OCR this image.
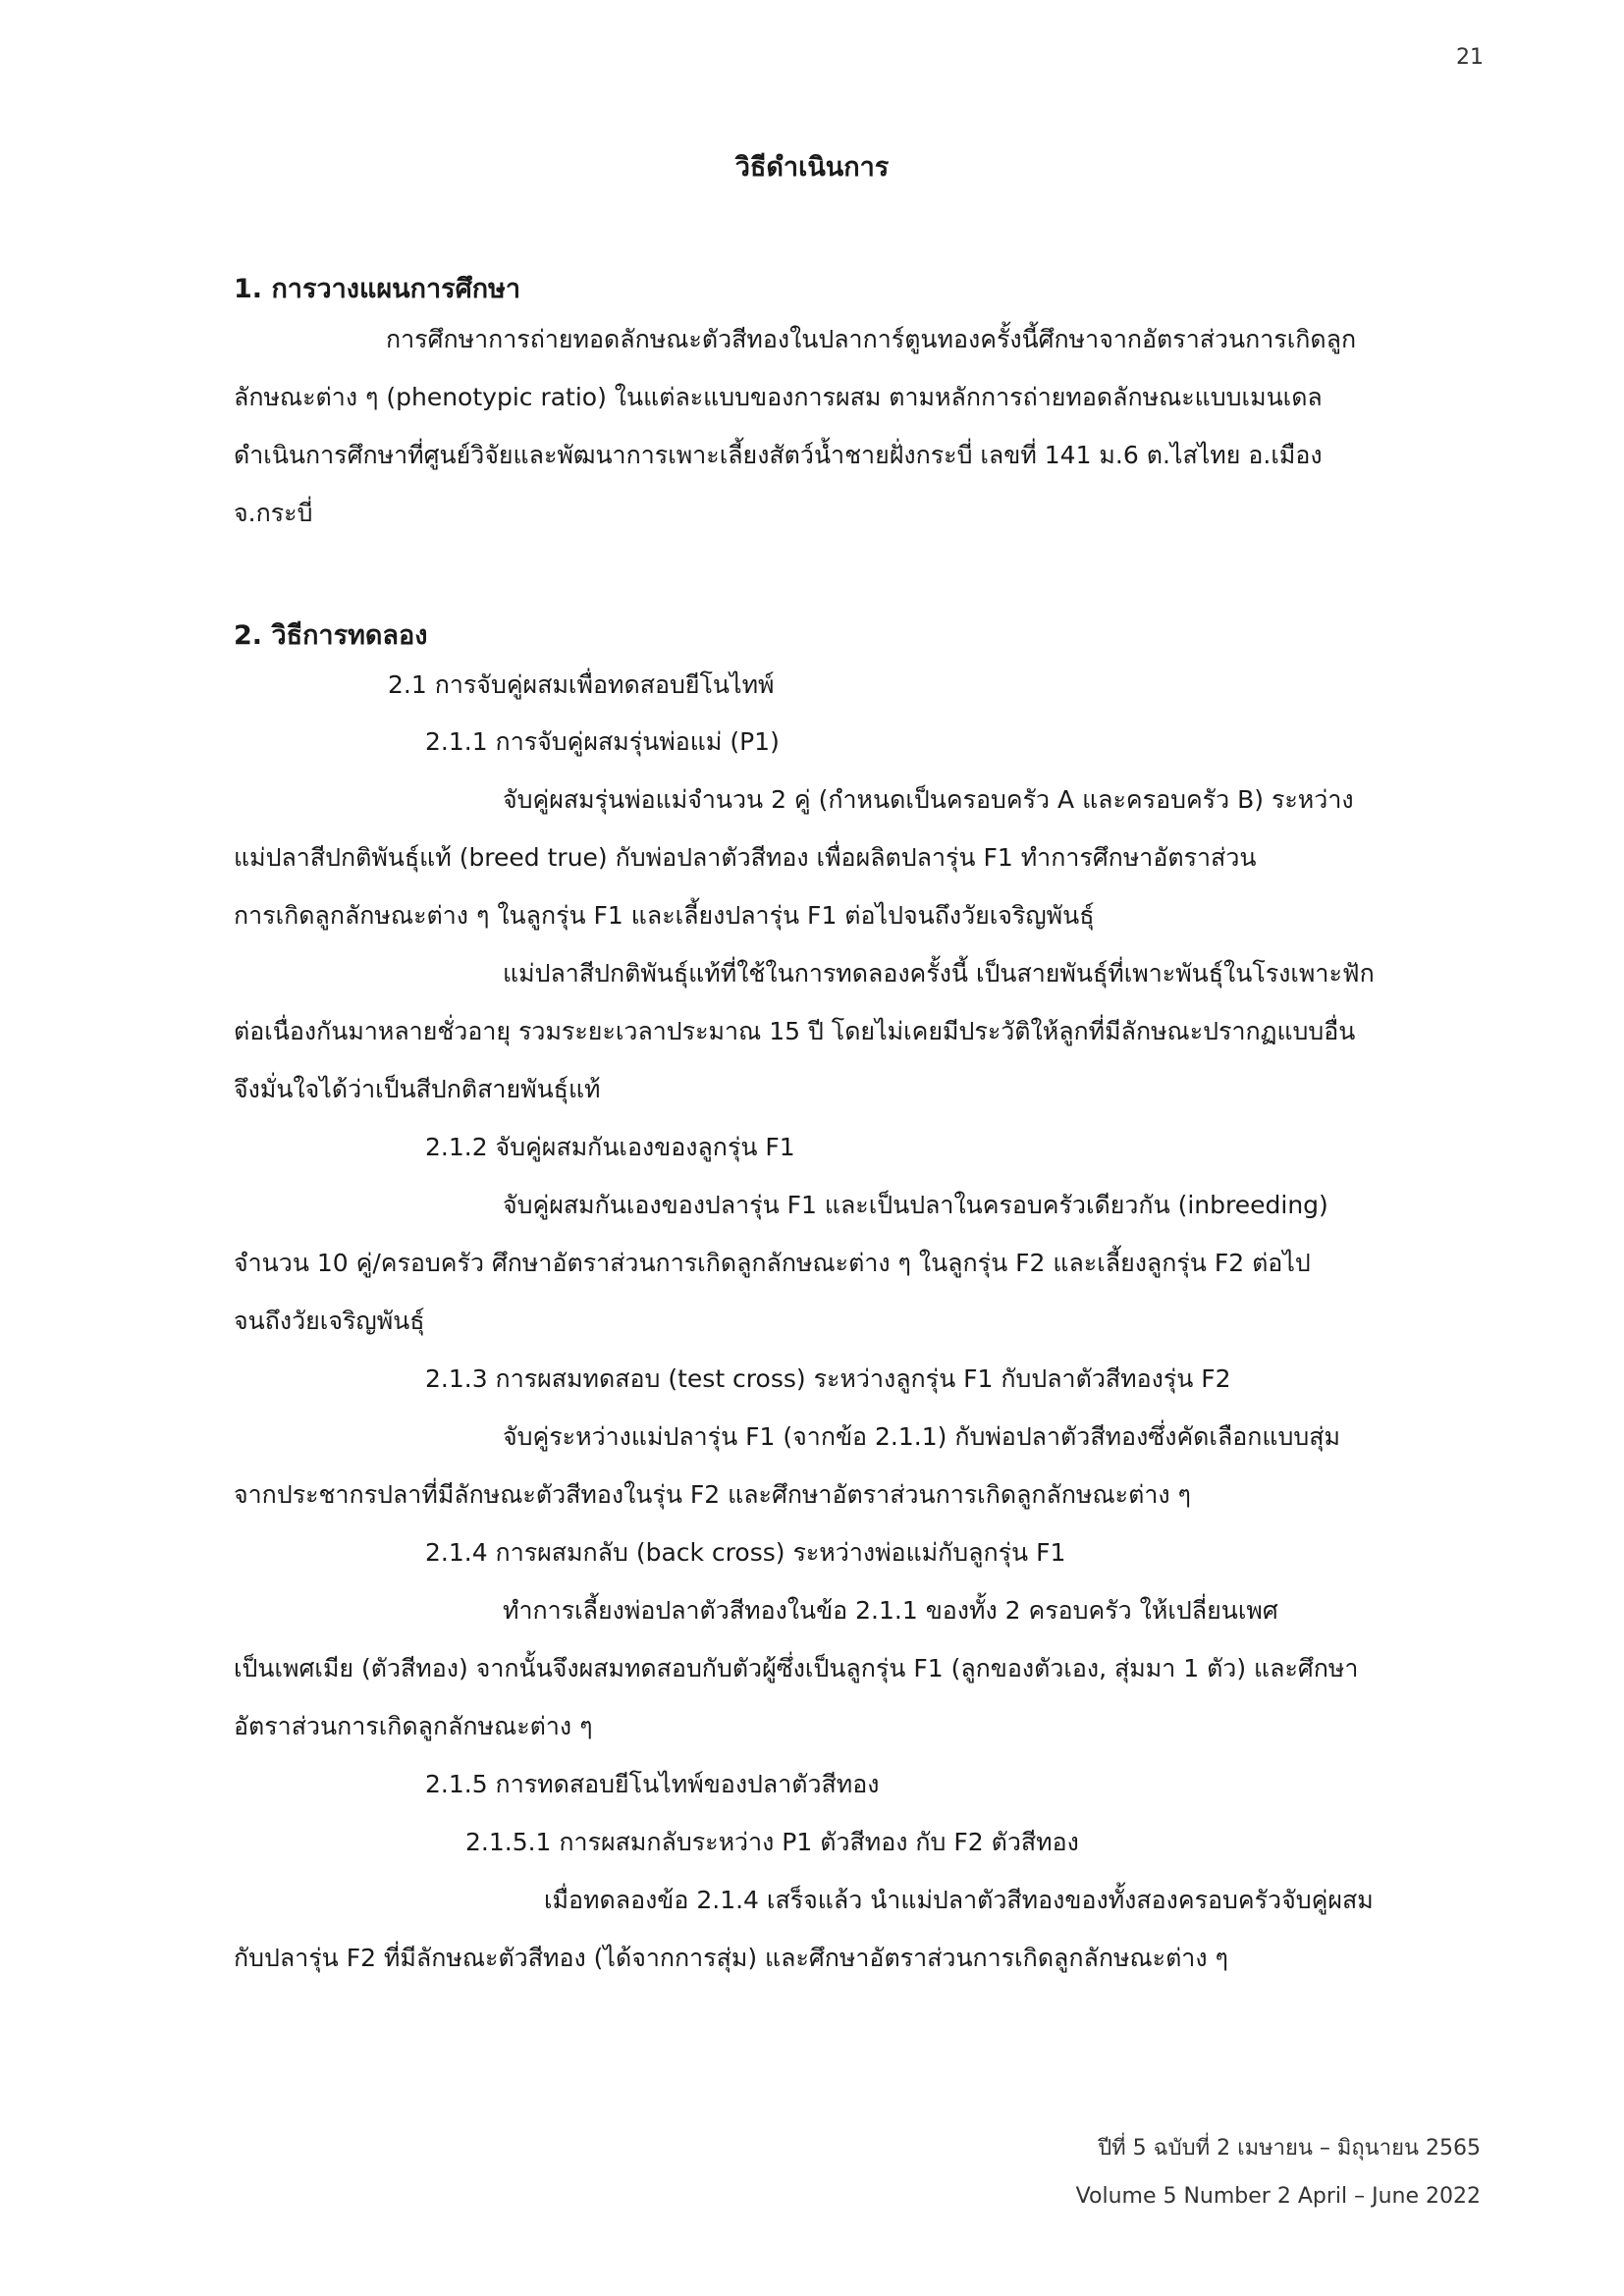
21
วิธีดำเนินการ
1. การวางแผนการศึกษา
การศึกษาการถ่ายทอดลักษณะตัวสีทองในปลาการ์ตูนทองครั้งนี้ศึกษาจากอัตราส่วนการเกิดลูก
ลักษณะต่าง ๆ (phenotypic ratio) ในแต่ละแบบของการผสม ตามหลักการถ่ายทอดลักษณะแบบเมนเดล
ดำเนินการศึกษาที่ศูนย์วิจัยและพัฒนาการเพาะเลี้ยงสัตว์น้ำชายฝั่งกระบี่ เลขที่ 141 ม.6 ต.ไสไทย อ.เมือง
จ.กระบี่
2. วิธีการทดลอง
2.1 การจับคู่ผสมเพื่อทดสอบยีโนไทพ์
2.1.1 การจับคู่ผสมรุ่นพ่อแม่ (P1)
จับคู่ผสมรุ่นพ่อแม่จำนวน 2 คู่ (กำหนดเป็นครอบครัว A และครอบครัว B) ระหว่าง
แม่ปลาสีปกติพันธุ์แท้ (breed true) กับพ่อปลาตัวสีทอง เพื่อผลิตปลารุ่น F1 ทำการศึกษาอัตราส่วน
การเกิดลูกลักษณะต่าง ๆ ในลูกรุ่น F1 และเลี้ยงปลารุ่น F1 ต่อไปจนถึงวัยเจริญพันธุ์
แม่ปลาสีปกติพันธุ์แท้ที่ใช้ในการทดลองครั้งนี้ เป็นสายพันธุ์ที่เพาะพันธุ์ในโรงเพาะฟัก
ต่อเนื่องกันมาหลายชั่วอายุ รวมระยะเวลาประมาณ 15 ปี โดยไม่เคยมีประวัติให้ลูกที่มีลักษณะปรากฏแบบอื่น
จึงมั่นใจได้ว่าเป็นสีปกติสายพันธุ์แท้
2.1.2 จับคู่ผสมกันเองของลูกรุ่น F1
จับคู่ผสมกันเองของปลารุ่น F1 และเป็นปลาในครอบครัวเดียวกัน (inbreeding)
จำนวน 10 คู่/ครอบครัว ศึกษาอัตราส่วนการเกิดลูกลักษณะต่าง ๆ ในลูกรุ่น F2 และเลี้ยงลูกรุ่น F2 ต่อไป
จนถึงวัยเจริญพันธุ์
2.1.3 การผสมทดสอบ (test cross) ระหว่างลูกรุ่น F1 กับปลาตัวสีทองรุ่น F2
จับคู่ระหว่างแม่ปลารุ่น F1 (จากข้อ 2.1.1) กับพ่อปลาตัวสีทองซึ่งคัดเลือกแบบสุ่ม
จากประชากรปลาที่มีลักษณะตัวสีทองในรุ่น F2 และศึกษาอัตราส่วนการเกิดลูกลักษณะต่าง ๆ
2.1.4 การผสมกลับ (back cross) ระหว่างพ่อแม่กับลูกรุ่น F1
ทำการเลี้ยงพ่อปลาตัวสีทองในข้อ 2.1.1 ของทั้ง 2 ครอบครัว ให้เปลี่ยนเพศ
เป็นเพศเมีย (ตัวสีทอง) จากนั้นจึงผสมทดสอบกับตัวผู้ซึ่งเป็นลูกรุ่น F1 (ลูกของตัวเอง, สุ่มมา 1 ตัว) และศึกษา
อัตราส่วนการเกิดลูกลักษณะต่าง ๆ
2.1.5 การทดสอบยีโนไทพ์ของปลาตัวสีทอง
2.1.5.1 การผสมกลับระหว่าง P1 ตัวสีทอง กับ F2 ตัวสีทอง
เมื่อทดลองข้อ 2.1.4 เสร็จแล้ว นำแม่ปลาตัวสีทองของทั้งสองครอบครัวจับคู่ผสม
กับปลารุ่น F2 ที่มีลักษณะตัวสีทอง (ได้จากการสุ่ม) และศึกษาอัตราส่วนการเกิดลูกลักษณะต่าง ๆ
ปีที่ 5 ฉบับที่ 2 เมษายน – มิถุนายน 2565
Volume 5 Number 2 April – June 2022
